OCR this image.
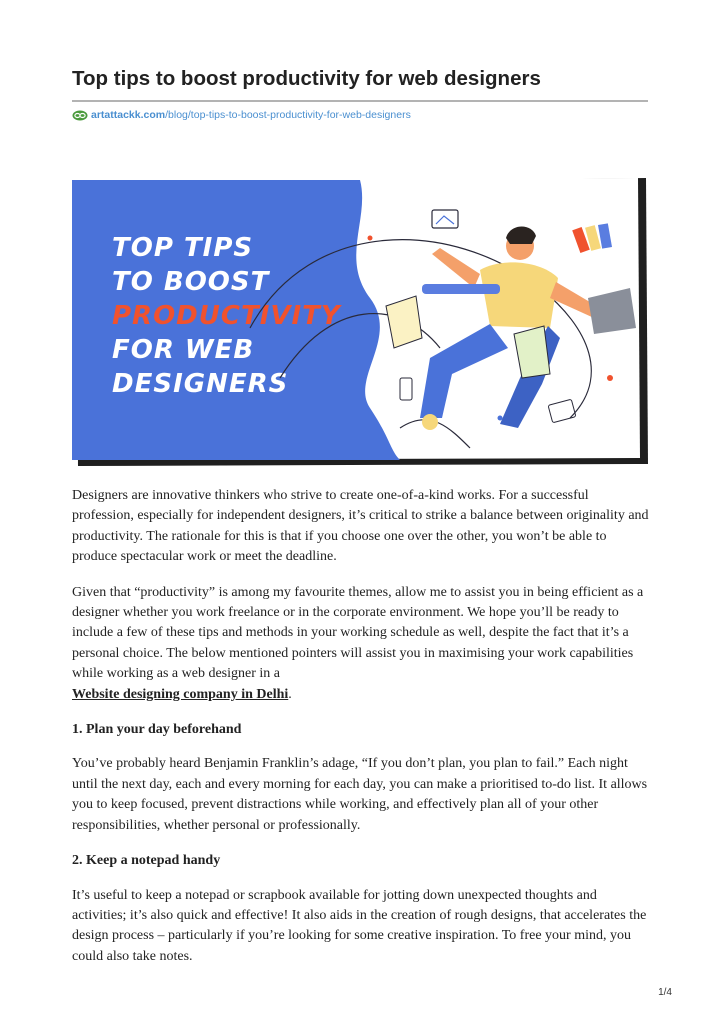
Top tips to boost productivity for web designers
artattackk.com /blog/top-tips-to-boost-productivity-for-web-designers
TOP TIPS
TO BOOST
PRODUCTIVITY
FOR WEB
DESIGNERS

Designers are innovative thinkers who strive to create one-of-a-kind works. For a successful profession, especially for independent designers, it’s critical to strike a balance between originality and productivity. The rationale for this is that if you choose one over the other, you won’t be able to produce spectacular work or meet the deadline.

Given that “productivity” is among my favourite themes, allow me to assist you in being efficient as a designer whether you work freelance or in the corporate environment. We hope you’ll be ready to include a few of these tips and methods in your working schedule as well, despite the fact that it’s a personal choice. The below mentioned pointers will assist you in maximising your work capabilities while working as a web designer in a
Website designing company in Delhi.

1. Plan your day beforehand

You’ve probably heard Benjamin Franklin’s adage, “If you don’t plan, you plan to fail.” Each night until the next day, each and every morning for each day, you can make a prioritised to-do list. It allows you to keep focused, prevent distractions while working, and effectively plan all of your other responsibilities, whether personal or professionally.

2. Keep a notepad handy

It’s useful to keep a notepad or scrapbook available for jotting down unexpected thoughts and activities; it’s also quick and effective! It also aids in the creation of rough designs, that accelerates the design process – particularly if you’re looking for some creative inspiration. To free your mind, you could also take notes.

1/4
